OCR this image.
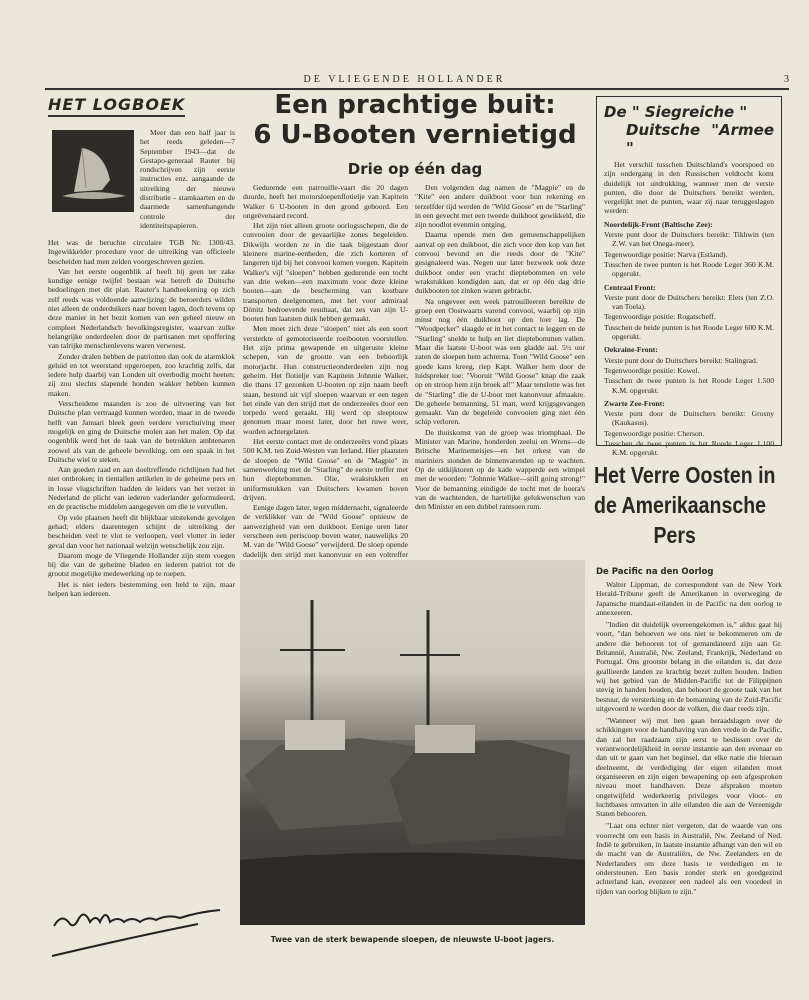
DE VLIEGENDE HOLLANDER	3
HET LOGBOEK

Meer dan een half jaar is het reeds geleden—7 September 1943—dat de Gestapo-generaal Rauter bij rondschrijven zijn eerste instructies enz. aangaande de uitreiking der nieuwe distributie - stamkaarten en de daarmede samenhangende controle der identiteitspapieren.

Het was de beruchte circulaire TGB Nr. 1300/43. Ingewikkelder procedure voor de uitreiking van officieele bescheiden had men zelden voorgeschreven gezien.

Van het eerste oogenblik af heeft bij geen ter zake kundige eenige twijfel bestaan wat betreft de Duitsche bedoelingen met dit plan. Rauter's handteekening op zich zelf reeds was voldoende aanwijzing: de beroerders wilden niet alleen de onderduikers naar boven lagen, doch tevens op deze manier in het bezit komen van een geheel nieuw en compleet Nederlandsch bevolkingsregister, waarvan zulke belangrijke onderdeelen door de partisanen met opoffering van talrijke menschenlevens waren verwoest.

Zonder dralen hebben de patriotten dan ook de alarmklok geluid en tot weerstand opgeroepen, zoo krachtig zelfs, dat iedere hulp daarbij van Londen uit overbodig mocht heeten; zij zou slechts slapende honden wakker hebben kunnen maken.

Verscheidene maanden is zoo de uitvoering van het Duitsche plan vertraagd kunnen worden, maar in de tweede helft van Januari bleek geen verdere verschuiving meer mogelijk en ging de Duitsche molen aan het malen. Op dat oogenblik werd het de taak van de betrokken ambtenaren zoowel als van de geheele bevolking, om een spaak in het Duitsche wiel te steken.

Aan goeden raad en aan doeltreffende richtlijnen had het niet ontbroken; in tientallen artikelen in de geheime pers en in losse vlugschriften hadden de leiders van het verzet in Nederland de plicht van iederen vaderlander geformuleerd, en de practische middelen aangegeven om die te vervullen.

Op vele plaatsen heeft dit blijkbaar uitstekende gevolgen gehad; elders daarentegen schijnt de uitreiking der bescheiden veel te vlot te verloopen, veel vlotter in ieder geval dan voor het nationaal welzijn wenschelijk zou zijn.

Daarom moge de Vliegende Hollander zijn stem voegen bij die van de geheime bladen en iederen patriot tot de grootst mogelijke medewerking op te roepen.

Het is niet ieders bestemming een held te zijn, maar helpen kan iedereen.

Een prachtige buit:
6 U-Booten vernietigd
Drie op één dag

Gedurende een patrouille-vaart die 20 dagen duurde, heeft het motorsloepenflotielje van Kapitein Walker 6 U-booten in den grond geboord. Een ongeëvenaard record.

Het zijn niet alleen groote oorlogsschepen, die de convooien door de gevaarlijke zones begeleiden. Dikwijls worden ze in die taak bijgestaan door kleinere marine-eenheden, die zich korteren of langeren tijd bij het convooi komen voegen. Kapitein Walker's vijf "sloepen" hebben gedurende een tocht van drie weken—een maximum voor deze kleine booten—aan de bescherming van kostbare transporten deelgenomen, met het voor admiraal Dönitz bedroevende resultaat, dat zes van zijn U-booten hun laatsten duik hebben gemaakt.

Men moet zich deze "sloepen" niet als een soort versterkte of gemotoriseerde roeibooten voorstellen. Het zijn prima gewapende en uitgeruste kleine schepen, van de grootte van een behoorlijk motorjacht. Hun constructieonderdeelen zijn nog geheim. Het flotielje van Kapitein Johnnie Walker, die thans 17 gezonken U-booten op zijn naam heeft staan, bestond uit vijf sloepen waarvan er een tegen het einde van den strijd met de onderzeeërs door een torpedo werd geraakt. Hij werd op sleeptouw genomen maar moest later, door het ruwe weer, worden achtergelaten.

Het eerste contact met de onderzeeërs vond plaats 500 K.M. ten Zuid-Westen van Ierland. Hier plaatsten de sloepen de "Wild Goose" en de "Magpie" in samenwerking met de "Starling" de eerste treffer met hun dieptebommen. Olie, wrakstukken en uniformstukken van Duitschers kwamen boven drijven.

Eenige dagen later, tegen middernacht, signaleerde de verklikker van de "Wild Goose" opnieuw de aanwezigheid van een duikboot. Eenige uren later verscheen een periscoop boven water, nauwelijks 20 M. van de "Wild Goose" verwijderd. De sloep opende dadelijk den strijd met kanonvuur en een voltreffer

Den volgenden dag namen de "Magpie" en de "Kite" een andere duikboot voor hun rekening en terzelfder tijd werden de "Wild Goose" en de "Starling" in een gevecht met een tweede duikboot gewikkeld, die zijn noodlot evenmin ontging.

Daarna opende men den gemeenschappelijken aanval op een duikboot, die zich voor den kop van het convooi bevond en die reeds door de "Kite" gesignaleerd was. Negen uur later bezweek ook deze duikboot onder een vracht dieptebommen en vele wrakstukken kondigden aan, dat er op één dag drie duikbooten tot zinken waren gebracht.

Na ongeveer een week patrouilleeren bereikte de groep een Oostwaarts varend convooi, waarbij op zijn minst nog één duikboot op den loer lag. De "Woodpecker" slaagde er in het contact te leggen en de "Starling" snelde te hulp en liet dieptebommen vallen. Maar die laatste U-boot was een gladde aal. 5½ uur zaten de sloepen hem achterna. Toen "Wild Goose" een goede kans kreeg, riep Kapt. Walker hem door de luidspreker toe: "Vooruit "Wild Goose" knap die zaak op en stroop hem zijn broek af!" Maar tenslotte was het de "Starling" die de U-boot met kanonvuur afmaakte. De geheele bemanning, 51 man, werd krijgsgevangen gemaakt. Van de begeleide convooien ging niet één schip verloren.

De thuiskomst van de groep was triomphaal. De Minister van Marine, honderden zeelui en Wrens—de Britsche Marinemeisjes—en het orkest van de mariniers stonden de binnenvarenden op te wachten. Op de uitkijktoren op de kade wapperde een wimpel met de woorden: "Johnnie Walker—still going strong!" Voor de bemanning eindigde de tocht met de hoera's van de wachtenden, de hartelijke gelukwenschen van den Minister en een dubbel rantsoen rum.

Twee van de sterk bewapende sloepen, de nieuwste U-boot jagers.
De " Siegreiche "
Duitsche "Armee "

Het verschil tusschen Duitschland's voorspoed en zijn ondergang in den Russischen veldtocht komt duidelijk tot uitdrukking, wanneer men de verste punten, die door de Duitschers bereikt werden, vergelijkt met de punten, waar zij naar teruggeslagen werden:

Noordelijk-Front (Baltische Zee):

Verste punt door de Duitschers bereikt: Tikhwin (ten Z.W. van het Onega-meer).

Tegenwoordige positie: Narva (Estland).

Tusschen de twee punten is het Roode Leger 360 K.M. opgerukt.

Centraal Front:

Verste punt door de Duitschers bereikt: Elets (ten Z.O. van Toela).

Tegenwoordige positie: Rogatscheff.

Tusschen de beide punten is het Roode Leger 600 K.M. opgerukt.

Oekraine-Front:

Verste punt door de Duitschers bereikt: Stalingrad.

Tegenwoordige positie: Kowel.

Tusschen de twee punten is het Roode Leger 1.500 K.M. opgerukt.

Zwarte Zee-Front:

Verste punt door de Duitschers bereikt: Grosny (Kaukasus).

Tegenwoordige positie: Cherson.

Tusschen de twee punten is het Roode Leger 1.100 K.M. opgerukt.

Het Verre Oosten in
de Amerikaansche
Pers
De Pacific na den Oorlog

Walter Lippman, de correspondent van de New York Herald-Tribune geeft de Amerikanen in overweging de Japansche mandaat-eilanden in de Pacific na den oorlog te annexeeren.

"Indien dit duidelijk overeengekomen is," aldus gaat hij voort, "dan behoeven we ons niet te bekommeren om de andere die behooren tot of gemandateerd zijn aan Gr. Britannië, Australië, Nw. Zeeland, Frankrijk, Nederland en Portugal. Ons grootste belang in die eilanden is, dat deze geallieerde landen ze krachtig bezet zullen houden. Indien wij het gebied van de Midden-Pacific tot de Filippijnen stevig in handen houden, dan behoort de groote taak van het bestuur, de versterking en de bemanning van de Zuid-Pacific uitgevoerd te worden door de volken, die daar reeds zijn.

"Wanneer wij met hen gaan beraadslagen over de schikkingen voor de handhaving van den vrede in de Pacific, dan zal het raadzaam zijn eerst te beslissen over de verantwoordelijkheid in eerste instantie aan den evenaar en dan uit te gaan van het beginsel, dat elke natie die hieraan deelneemt, de verdediging der eigen eilanden moet organiseeren en zijn eigen bewapening op een afgesproken niveau moet handhaven. Deze afspraken moeten ongetwijfeld wederkeerig privileges voor vloot- en luchtbases omvatten in alle eilanden die aan de Vereenigde Staten behooren.

"Laat ons echter niet vergeten, dat de waarde van ons voorrecht om een basis in Australië, Nw. Zeeland of Ned. Indië te gebruiken, in laatste instantie afhangt van den wil en de macht van de Australiërs, de Nw. Zeelanders en de Nederlanders om deze basis te verdedigen en te ondersteunen. Een basis zonder sterk en goedgezind achterland kan, evenzeer een nadeel als een voordeel in tijden van oorlog blijken te zijn."
